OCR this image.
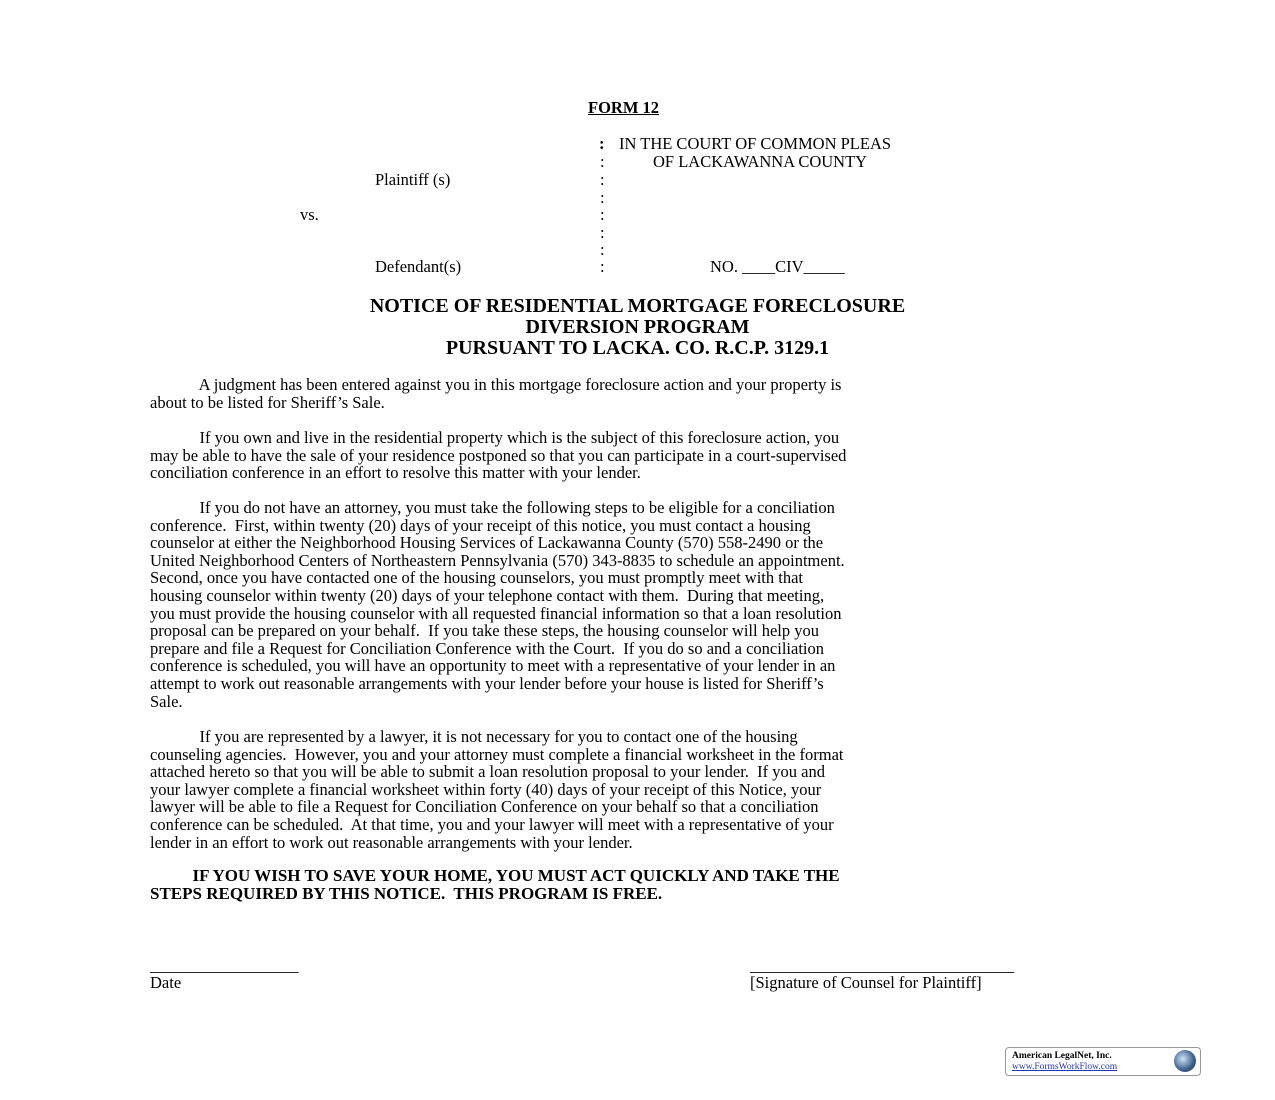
FORM 12
: IN THE COURT OF COMMON PLEAS
:	OF LACKAWANNA COUNTY
Plaintiff (s)	:
:
vs.	:
:
:
Defendant(s)	:	NO. ____CIV_____
NOTICE OF RESIDENTIAL MORTGAGE FORECLOSURE
DIVERSION PROGRAM
PURSUANT TO LACKA. CO. R.C.P. 3129.1
A judgment has been entered against you in this mortgage foreclosure action and your property is
about to be listed for Sheriff’s Sale.
If you own and live in the residential property which is the subject of this foreclosure action, you
may be able to have the sale of your residence postponed so that you can participate in a court-supervised
conciliation conference in an effort to resolve this matter with your lender.
If you do not have an attorney, you must take the following steps to be eligible for a conciliation
conference.  First, within twenty (20) days of your receipt of this notice, you must contact a housing
counselor at either the Neighborhood Housing Services of Lackawanna County (570) 558-2490 or the
United Neighborhood Centers of Northeastern Pennsylvania (570) 343-8835 to schedule an appointment.
Second, once you have contacted one of the housing counselors, you must promptly meet with that
housing counselor within twenty (20) days of your telephone contact with them.  During that meeting,
you must provide the housing counselor with all requested financial information so that a loan resolution
proposal can be prepared on your behalf.  If you take these steps, the housing counselor will help you
prepare and file a Request for Conciliation Conference with the Court.  If you do so and a conciliation
conference is scheduled, you will have an opportunity to meet with a representative of your lender in an
attempt to work out reasonable arrangements with your lender before your house is listed for Sheriff’s
Sale.
If you are represented by a lawyer, it is not necessary for you to contact one of the housing
counseling agencies.  However, you and your attorney must complete a financial worksheet in the format
attached hereto so that you will be able to submit a loan resolution proposal to your lender.  If you and
your lawyer complete a financial worksheet within forty (40) days of your receipt of this Notice, your
lawyer will be able to file a Request for Conciliation Conference on your behalf so that a conciliation
conference can be scheduled.  At that time, you and your lawyer will meet with a representative of your
lender in an effort to work out reasonable arrangements with your lender.
IF YOU WISH TO SAVE YOUR HOME, YOU MUST ACT QUICKLY AND TAKE THE
STEPS REQUIRED BY THIS NOTICE.  THIS PROGRAM IS FREE.
__________________
Date
________________________________
[Signature of Counsel for Plaintiff]
American LegalNet, Inc.
www.FormsWorkFlow.com
